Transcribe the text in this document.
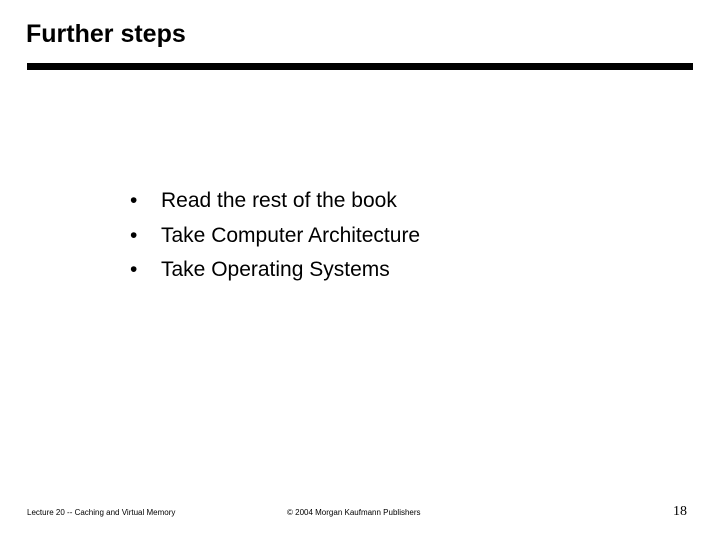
Further steps
•	Read the rest of the book
•	Take Computer Architecture
•	Take Operating Systems
Lecture 20 -- Caching and Virtual Memory	© 2004 Morgan Kaufmann Publishers	18
